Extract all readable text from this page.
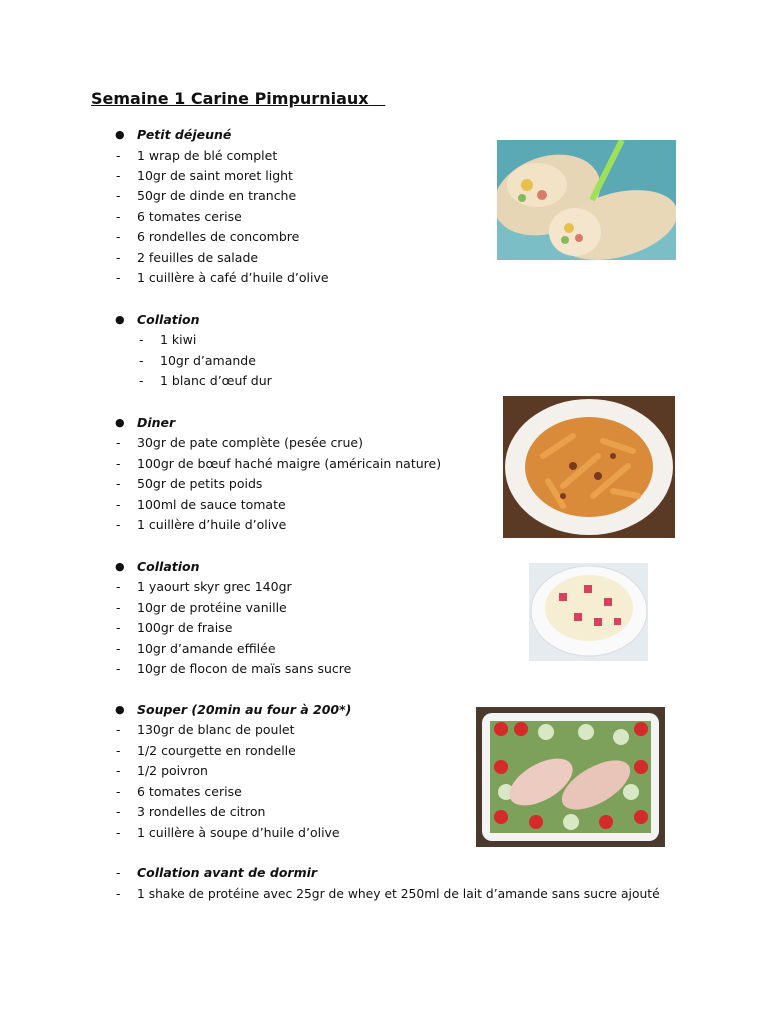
Semaine 1 Carine Pimpurniaux
● Petit déjeuné
- 1 wrap de blé complet
- 10gr de saint moret light
- 50gr de dinde en tranche
- 6 tomates cerise
- 6 rondelles de concombre
- 2 feuilles de salade
- 1 cuillère à café d’huile d’olive
● Collation
- 1 kiwi
- 10gr d’amande
- 1 blanc d’œuf dur
● Diner
- 30gr de pate complète (pesée crue)
- 100gr de bœuf haché maigre (américain nature)
- 50gr de petits poids
- 100ml de sauce tomate
- 1 cuillère d’huile d’olive
● Collation
- 1 yaourt skyr grec 140gr
- 10gr de protéine vanille
- 100gr de fraise
- 10gr d’amande effilée
- 10gr de flocon de maïs sans sucre
● Souper (20min au four à 200*)
- 130gr de blanc de poulet
- 1/2 courgette en rondelle
- 1/2 poivron
- 6 tomates cerise
- 3 rondelles de citron
- 1 cuillère à soupe d’huile d’olive
- Collation avant de dormir
- 1 shake de protéine avec 25gr de whey et 250ml de lait d’amande sans sucre ajouté
